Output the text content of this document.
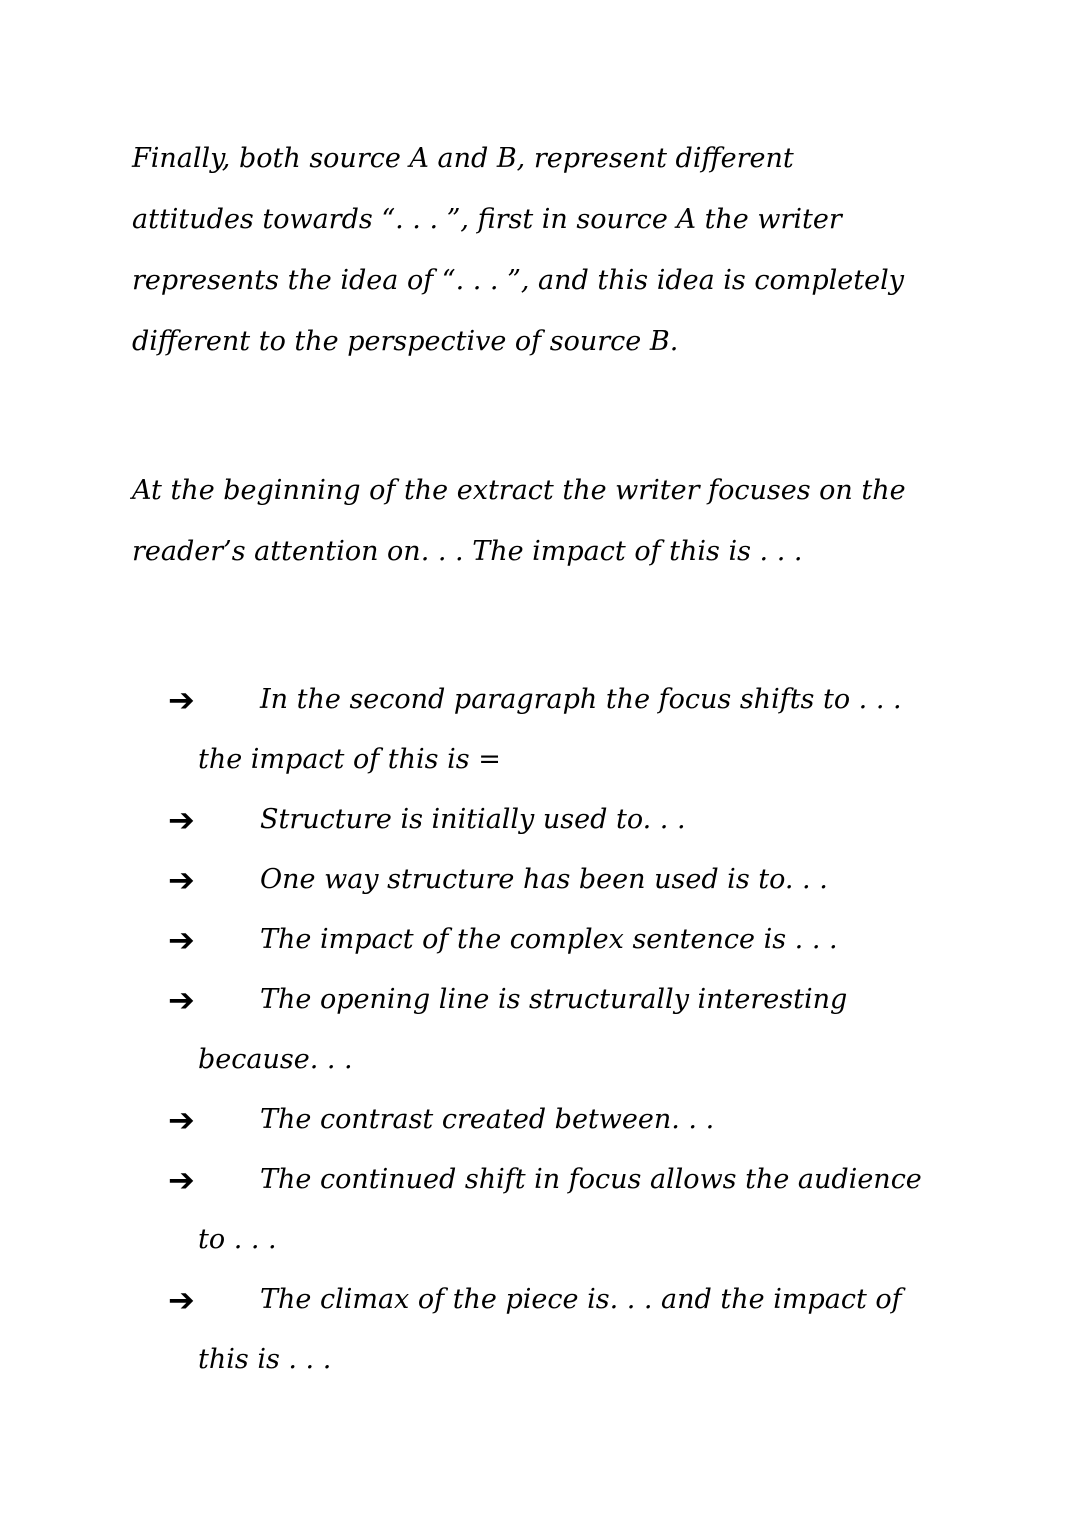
Finally, both source A and B, represent different
attitudes towards “. . . ”, first in source A the writer
represents the idea of “. . . ”, and this idea is completely
different to the perspective of source B.
At the beginning of the extract the writer focuses on the
reader’s attention on. . . The impact of this is . . .
➔	In the second paragraph the focus shifts to . . .
the impact of this is =
➔	Structure is initially used to. . .
➔	One way structure has been used is to. . .
➔	The impact of the complex sentence is . . .
➔	The opening line is structurally interesting
because. . .
➔	The contrast created between. . .
➔	The continued shift in focus allows the audience
to . . .
➔	The climax of the piece is. . . and the impact of
this is . . .
